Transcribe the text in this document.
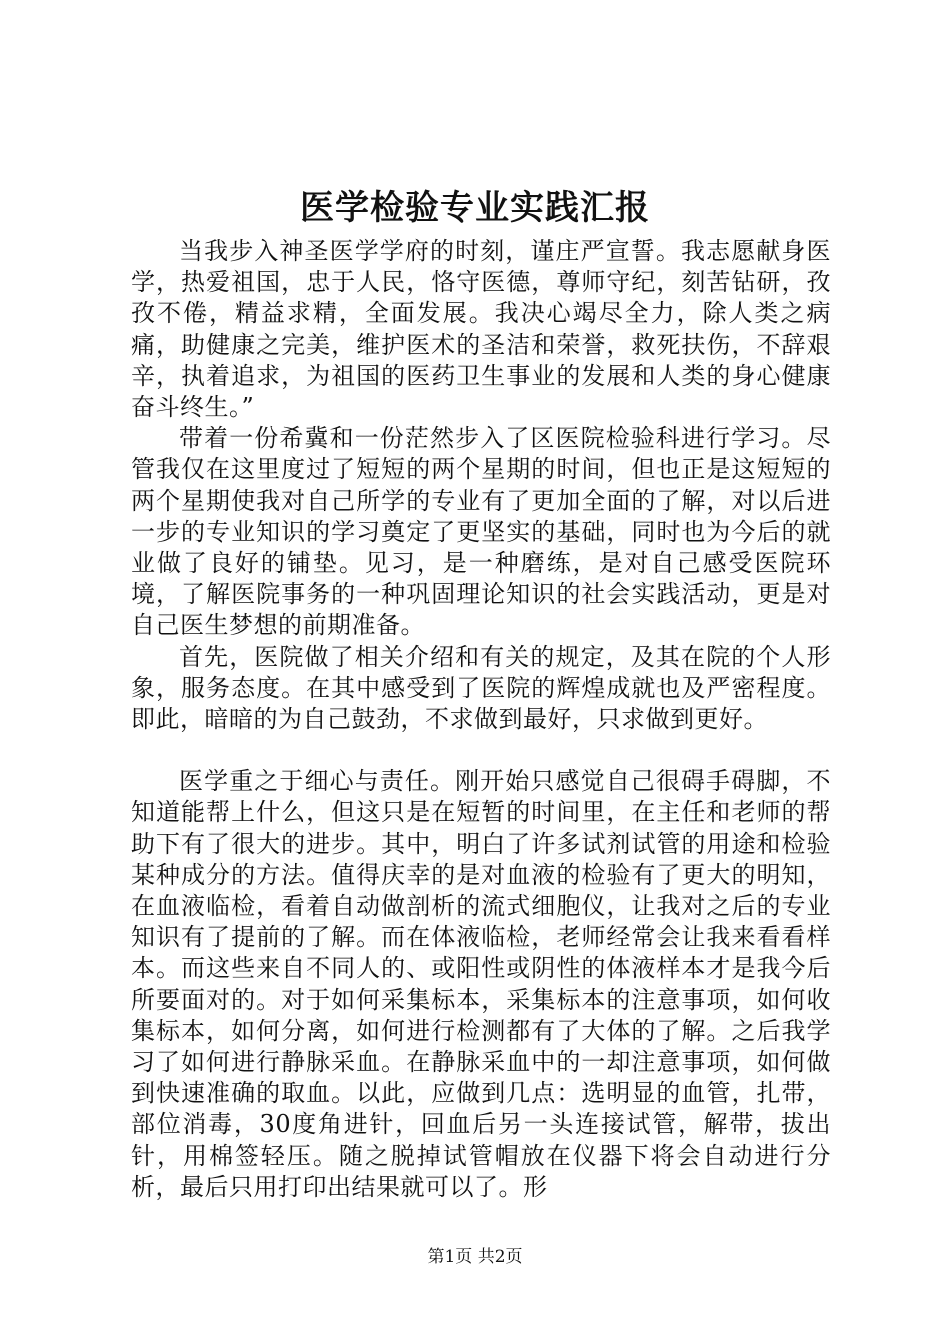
医学检验专业实践汇报

当我步入神圣医学学府的时刻，谨庄严宣誓。我志愿献身医学，热爱祖国，忠于人民，恪守医德，尊师守纪，刻苦钻研，孜孜不倦，精益求精，全面发展。我决心竭尽全力，除人类之病痛，助健康之完美，维护医术的圣洁和荣誉，救死扶伤，不辞艰辛，执着追求，为祖国的医药卫生事业的发展和人类的身心健康奋斗终生。”

带着一份希冀和一份茫然步入了区医院检验科进行学习。尽管我仅在这里度过了短短的两个星期的时间，但也正是这短短的两个星期使我对自己所学的专业有了更加全面的了解，对以后进一步的专业知识的学习奠定了更坚实的基础，同时也为今后的就业做了良好的铺垫。见习，是一种磨练，是对自己感受医院环境，了解医院事务的一种巩固理论知识的社会实践活动，更是对自己医生梦想的前期准备。

首先，医院做了相关介绍和有关的规定，及其在院的个人形象，服务态度。在其中感受到了医院的辉煌成就也及严密程度。即此，暗暗的为自己鼓劲，不求做到最好，只求做到更好。

医学重之于细心与责任。刚开始只感觉自己很碍手碍脚，不知道能帮上什么，但这只是在短暂的时间里，在主任和老师的帮助下有了很大的进步。其中，明白了许多试剂试管的用途和检验某种成分的方法。值得庆幸的是对血液的检验有了更大的明知，在血液临检，看着自动做剖析的流式细胞仪，让我对之后的专业知识有了提前的了解。而在体液临检，老师经常会让我来看看样本。而这些来自不同人的、或阳性或阴性的体液样本才是我今后所要面对的。对于如何采集标本，采集标本的注意事项，如何收集标本，如何分离，如何进行检测都有了大体的了解。之后我学习了如何进行静脉采血。在静脉采血中的一却注意事项，如何做到快速准确的取血。以此，应做到几点：选明显的血管，扎带，部位消毒，30度角进针，回血后另一头连接试管，解带，拔出针，用棉签轻压。随之脱掉试管帽放在仪器下将会自动进行分析，最后只用打印出结果就可以了。形

第1页 共2页
